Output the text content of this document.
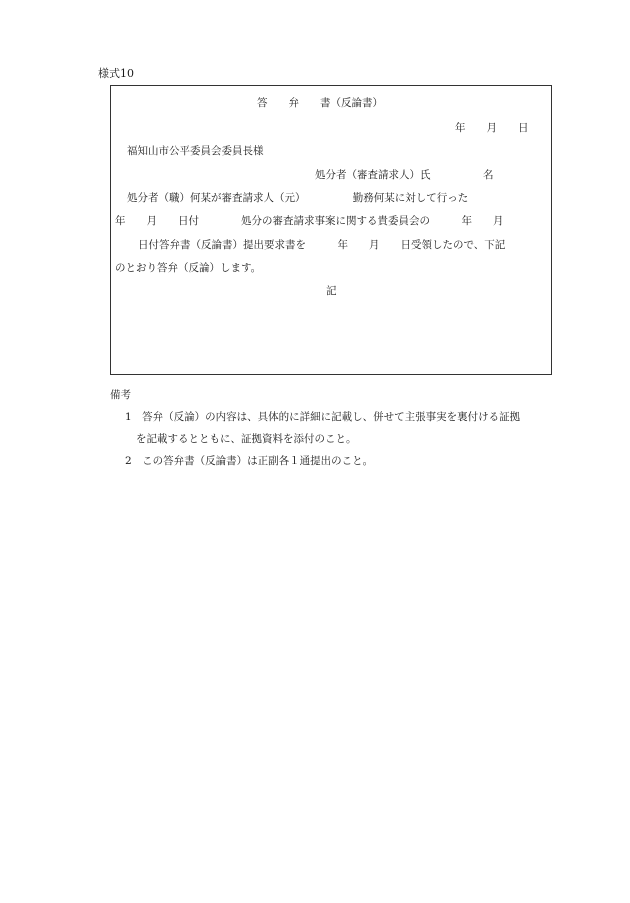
様式10
答　　弁　　書（反論書）
年　　月　　日
福知山市公平委員会委員長様
処分者（審査請求人）氏　　　　　名
処分者（職）何某が審査請求人（元）　　　　　勤務何某に対して行った
年　　月　　日付　　　　処分の審査請求事案に関する貴委員会の　　　年　　月
日付答弁書（反論書）提出要求書を　　　年　　月　　日受領したので、下記
のとおり答弁（反論）します。
記
備考
1　答弁（反論）の内容は、具体的に詳細に記載し、併せて主張事実を裏付ける証拠
を記載するとともに、証拠資料を添付のこと。
2　この答弁書（反論書）は正副各１通提出のこと。
